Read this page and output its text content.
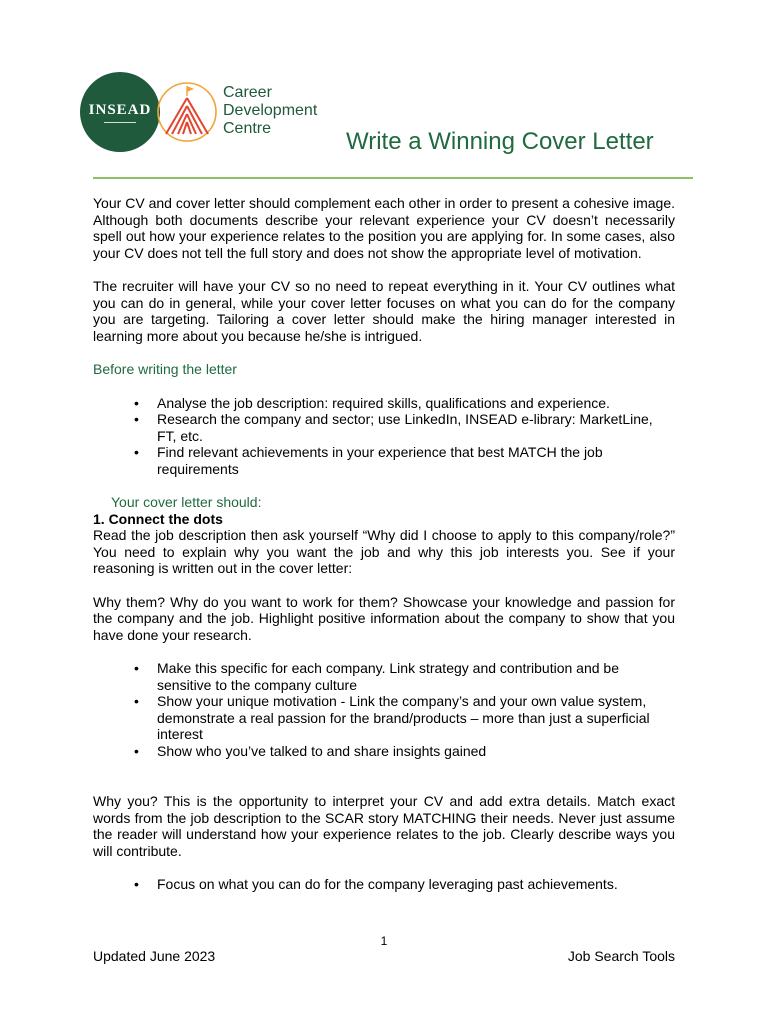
INSEAD
Career
Development
Centre	Write a Winning Cover Letter

Your CV and cover letter should complement each other in order to present a cohesive image. Although both documents describe your relevant experience your CV doesn’t necessarily spell out how your experience relates to the position you are applying for. In some cases, also your CV does not tell the full story and does not show the appropriate level of motivation.

The recruiter will have your CV so no need to repeat everything in it. Your CV outlines what you can do in general, while your cover letter focuses on what you can do for the company you are targeting. Tailoring a cover letter should make the hiring manager interested in learning more about you because he/she is intrigued.

Before writing the letter

• Analyse the job description: required skills, qualifications and experience.
• Research the company and sector; use LinkedIn, INSEAD e-library: MarketLine, FT, etc.
• Find relevant achievements in your experience that best MATCH the job requirements

Your cover letter should:

1. Connect the dots

Read the job description then ask yourself “Why did I choose to apply to this company/role?” You need to explain why you want the job and why this job interests you. See if your reasoning is written out in the cover letter:

Why them? Why do you want to work for them? Showcase your knowledge and passion for the company and the job. Highlight positive information about the company to show that you have done your research.

• Make this specific for each company. Link strategy and contribution and be sensitive to the company culture
• Show your unique motivation - Link the company’s and your own value system, demonstrate a real passion for the brand/products – more than just a superficial interest
• Show who you’ve talked to and share insights gained

Why you? This is the opportunity to interpret your CV and add extra details. Match exact words from the job description to the SCAR story MATCHING their needs. Never just assume the reader will understand how your experience relates to the job. Clearly describe ways you will contribute.

• Focus on what you can do for the company leveraging past achievements.
1
Updated June 2023	Job Search Tools
